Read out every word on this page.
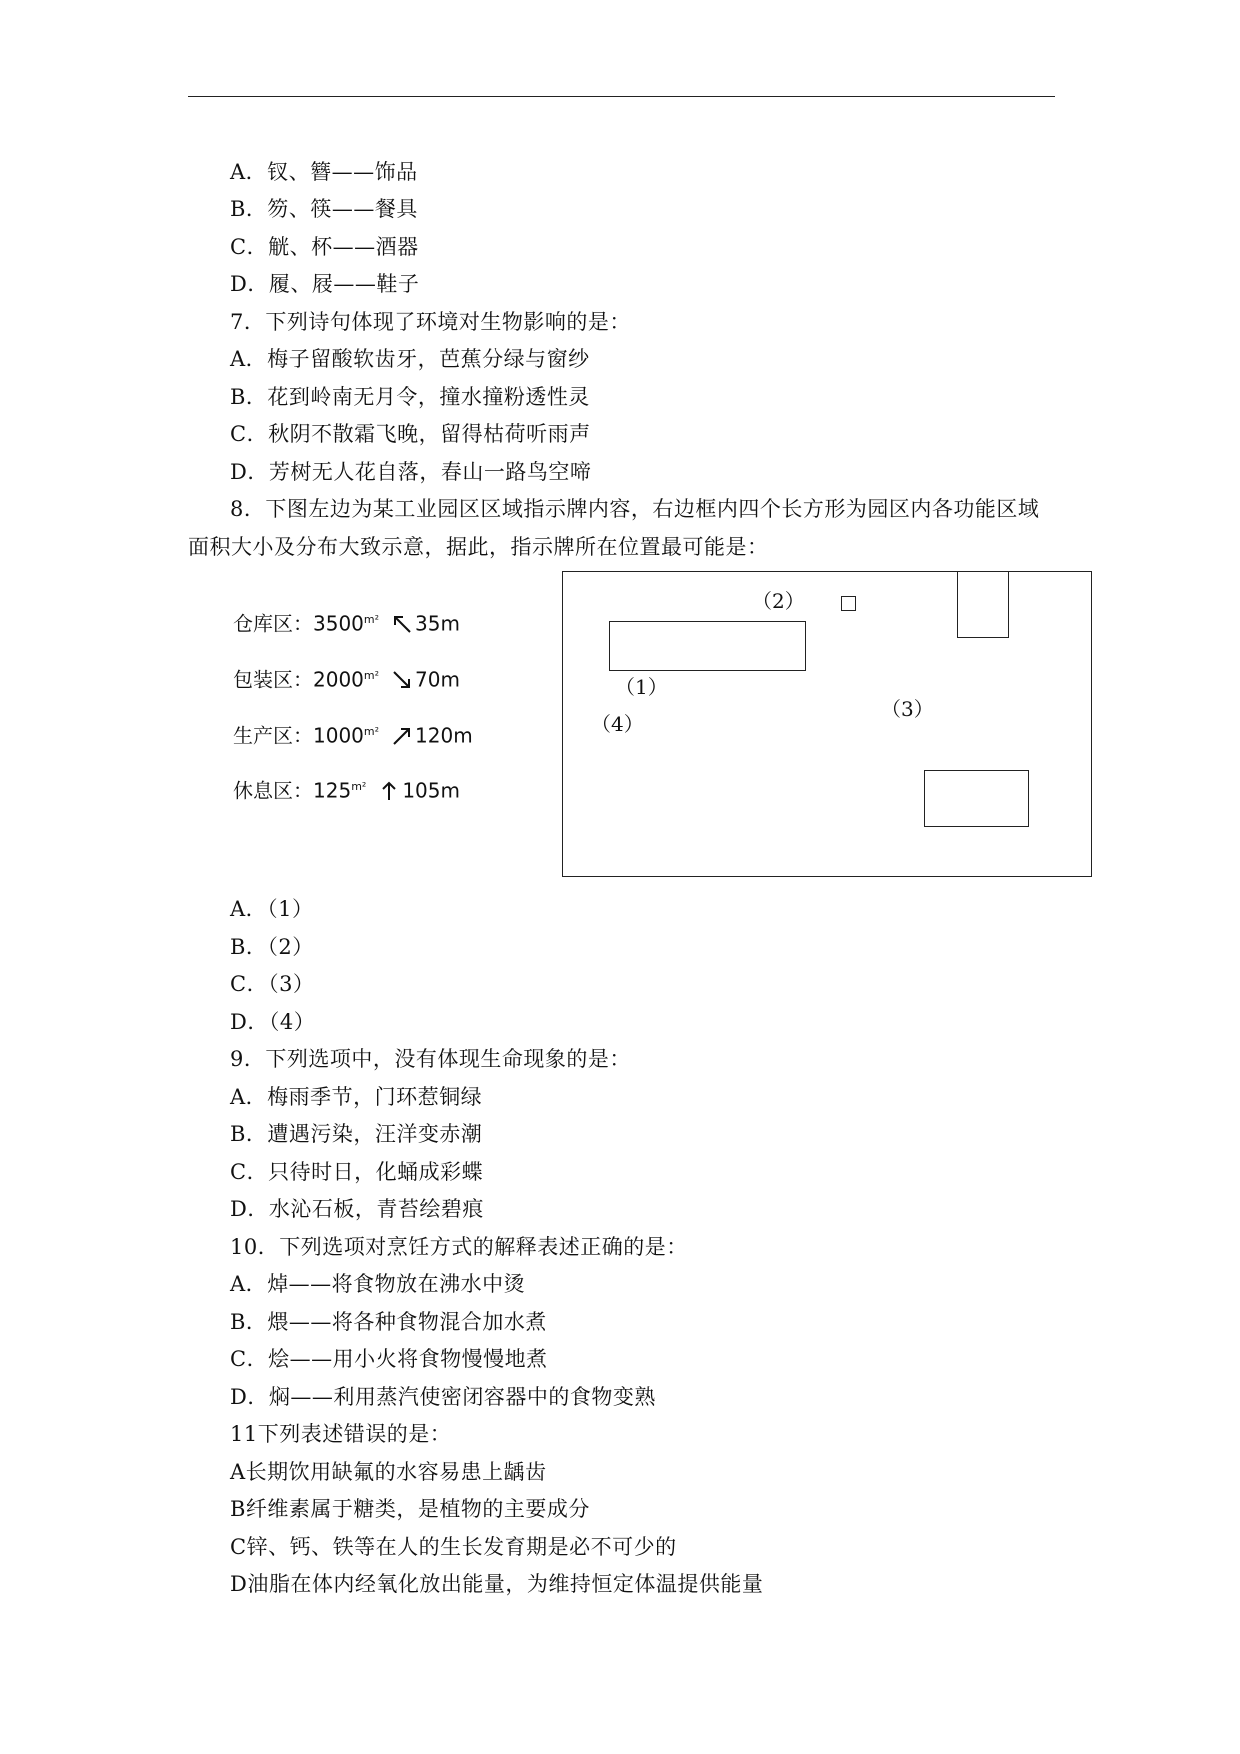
A．钗、簪——饰品
B．笏、筷——餐具
C．觥、杯——酒器
D．履、屐——鞋子
7．下列诗句体现了环境对生物影响的是：
A．梅子留酸软齿牙，芭蕉分绿与窗纱
B．花到岭南无月令，撞水撞粉透性灵
C．秋阴不散霜飞晚，留得枯荷听雨声
D．芳树无人花自落，春山一路鸟空啼
8．下图左边为某工业园区区域指示牌内容，右边框内四个长方形为园区内各功能区域
面积大小及分布大致示意，据此，指示牌所在位置最可能是：
仓库区：$3500^{m^2}$ 35m
包装区：$2000^{m^2}$ 70m
生产区：$1000^{m^2}$ 120m
休息区：$125^{m^2}$ 105m
（2）
（1）
（3）
（4）
A．（1）
B．（2）
C．（3）
D．（4）
9．下列选项中，没有体现生命现象的是：
A．梅雨季节，门环惹铜绿
B．遭遇污染，汪洋变赤潮
C．只待时日，化蛹成彩蝶
D．水沁石板，青苔绘碧痕
10．下列选项对烹饪方式的解释表述正确的是：
A．焯——将食物放在沸水中烫
B．煨——将各种食物混合加水煮
C．烩——用小火将食物慢慢地煮
D．焖——利用蒸汽使密闭容器中的食物变熟
11下列表述错误的是：
A长期饮用缺氟的水容易患上龋齿
B纤维素属于糖类，是植物的主要成分
C锌、钙、铁等在人的生长发育期是必不可少的
D油脂在体内经氧化放出能量，为维持恒定体温提供能量
